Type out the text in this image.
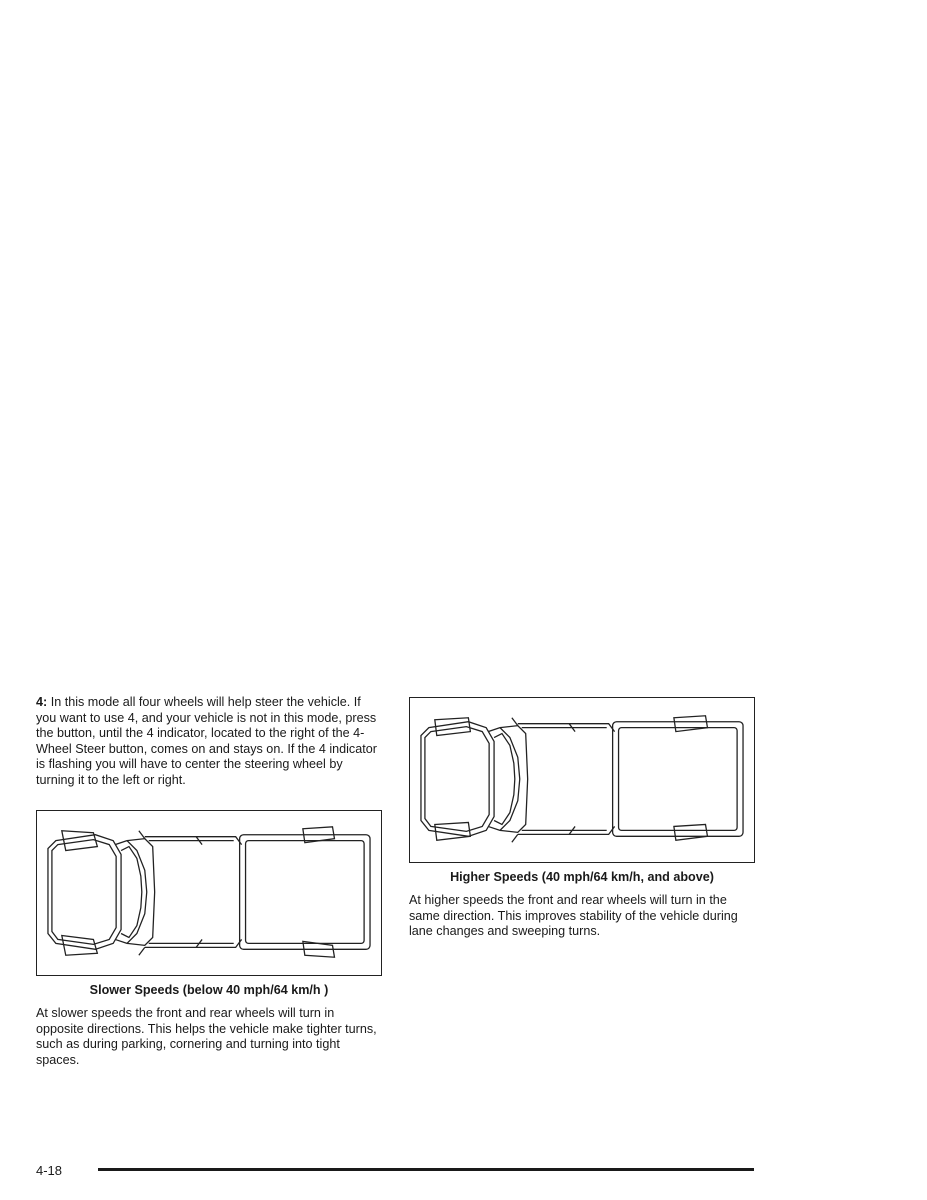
4: In this mode all four wheels will help steer the vehicle. If you want to use 4, and your vehicle is not in this mode, press the button, until the 4 indicator, located to the right of the 4-Wheel Steer button, comes on and stays on. If the 4 indicator is flashing you will have to center the steering wheel by turning it to the left or right.

Slower Speeds (below 40 mph/64 km/h )

At slower speeds the front and rear wheels will turn in opposite directions. This helps the vehicle make tighter turns, such as during parking, cornering and turning into tight spaces.

Higher Speeds (40 mph/64 km/h, and above)

At higher speeds the front and rear wheels will turn in the same direction. This improves stability of the vehicle during lane changes and sweeping turns.

4-18
